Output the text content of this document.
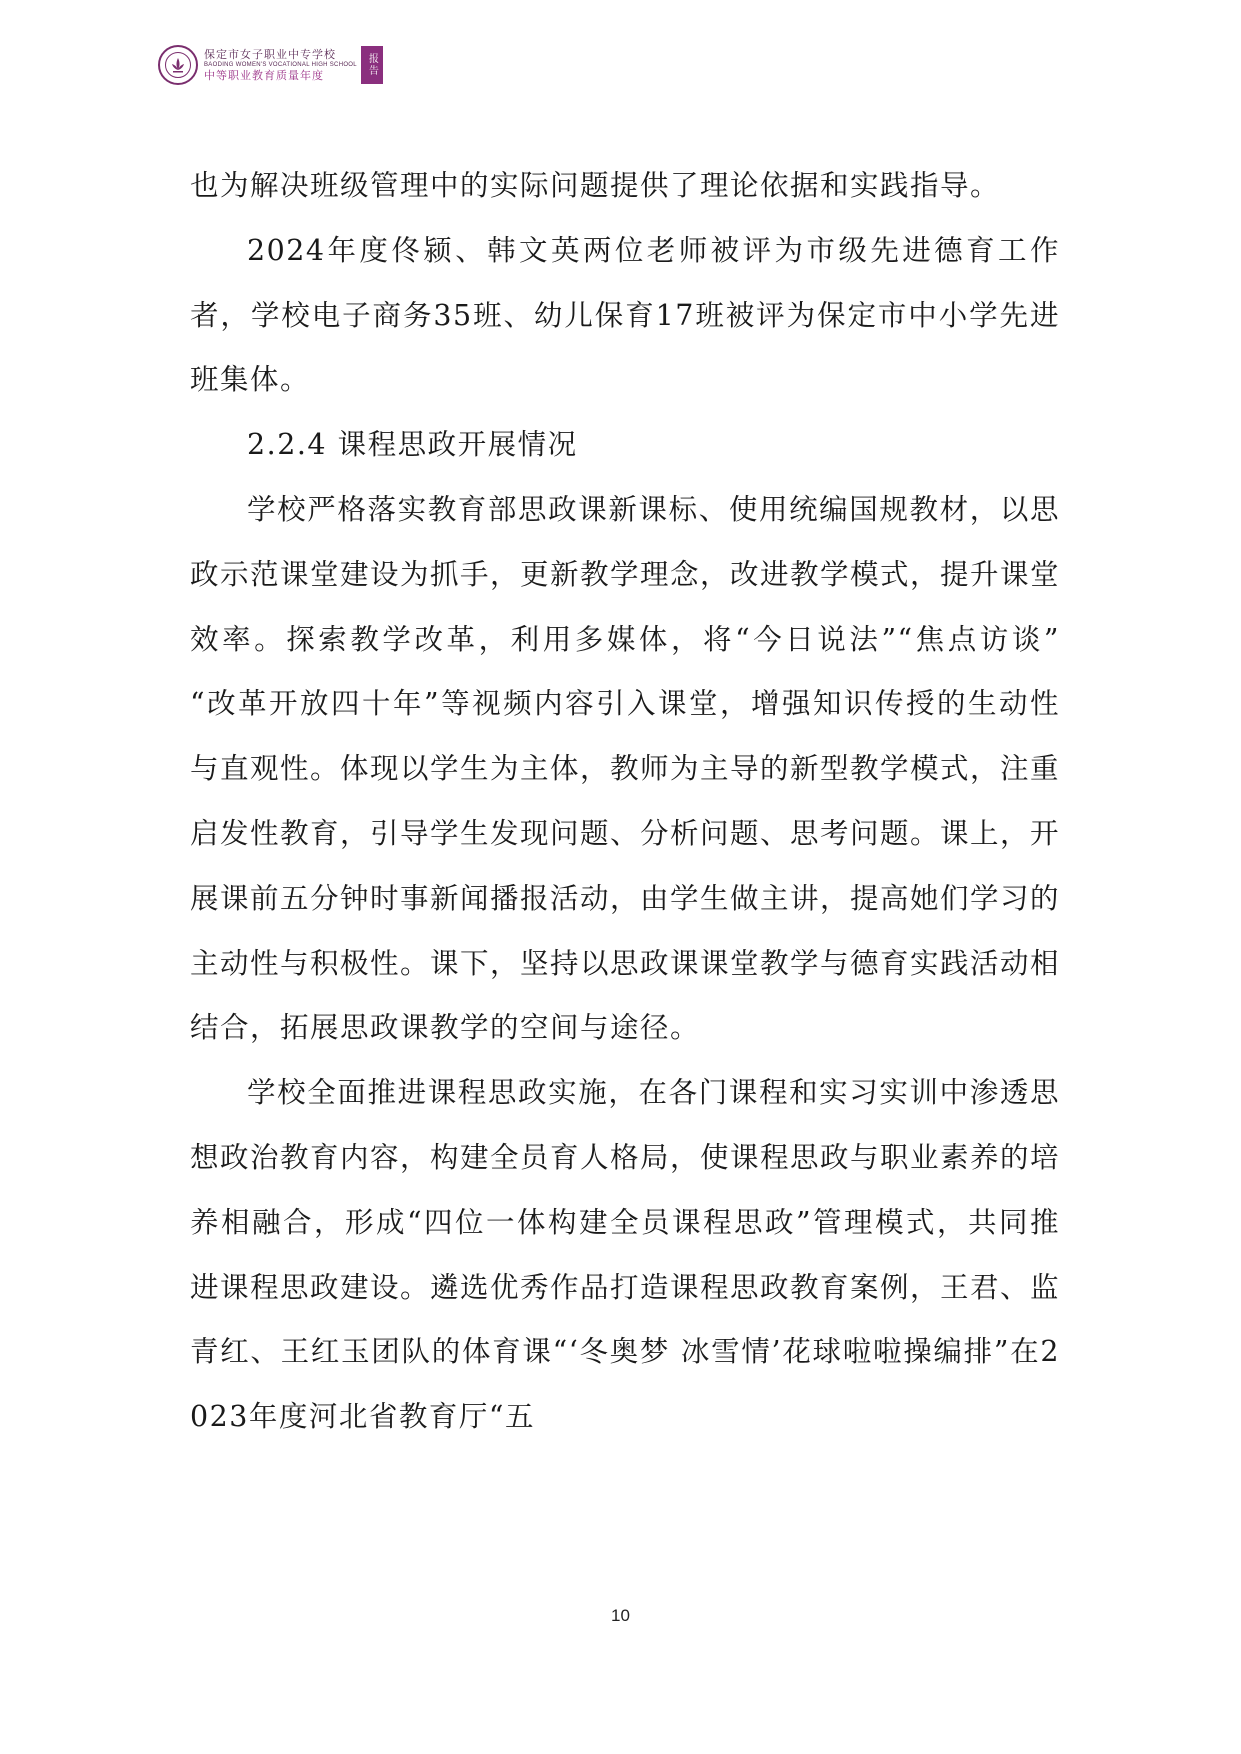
保定市女子职业中专学校
BAODING WOMEN'S VOCATIONAL HIGH SCHOOL
中等职业教育质量年度	报告

也为解决班级管理中的实际问题提供了理论依据和实践指导。

2024年度佟颍、韩文英两位老师被评为市级先进德育工作者，学校电子商务35班、幼儿保育17班被评为保定市中小学先进班集体。

2.2.4 课程思政开展情况

学校严格落实教育部思政课新课标、使用统编国规教材，以思政示范课堂建设为抓手，更新教学理念，改进教学模式，提升课堂效率。探索教学改革，利用多媒体，将“今日说法”“焦点访谈” “改革开放四十年”等视频内容引入课堂，增强知识传授的生动性与直观性。体现以学生为主体，教师为主导的新型教学模式，注重启发性教育，引导学生发现问题、分析问题、思考问题。课上，开展课前五分钟时事新闻播报活动，由学生做主讲，提高她们学习的主动性与积极性。课下，坚持以思政课课堂教学与德育实践活动相结合，拓展思政课教学的空间与途径。

学校全面推进课程思政实施，在各门课程和实习实训中渗透思想政治教育内容，构建全员育人格局，使课程思政与职业素养的培养相融合，形成“四位一体构建全员课程思政”管理模式，共同推进课程思政建设。遴选优秀作品打造课程思政教育案例，王君、监青红、王红玉团队的体育课“‘冬奥梦 冰雪情’花球啦啦操编排”在2023年度河北省教育厅“五

10
